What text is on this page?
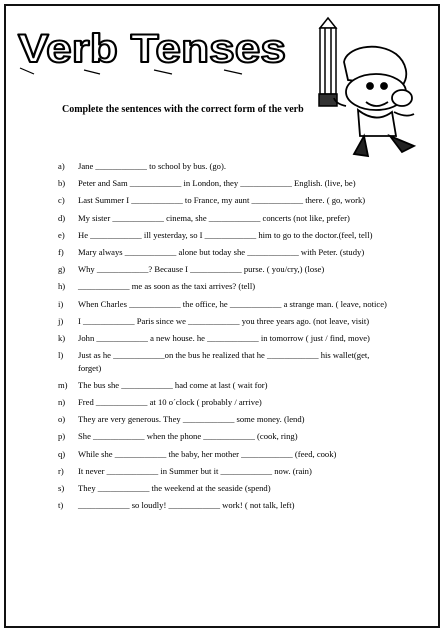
Verb Tenses
Complete the sentences with the correct form of the verb
a)	Jane ____________ to school by bus. (go).
b)	Peter and Sam ____________ in London, they ____________ English. (live, be)
c)	Last Summer I ____________ to France, my aunt ____________ there. ( go, work)
d)	My sister ____________ cinema, she ____________ concerts (not like, prefer)
e)	He ____________ ill yesterday, so I ____________ him to go to the doctor.(feel, tell)
f)	Mary always ____________ alone but today she ____________ with Peter. (study)
g)	Why ____________? Because I ____________ purse. ( you/cry,) (lose)
h)	____________ me as soon as the taxi arrives? (tell)
i)	When Charles ____________ the office, he ____________ a strange man. ( leave, notice)
j)	I ____________ Paris since we ____________ you three years ago. (not leave, visit)
k)	John ____________ a new house. he ____________ in tomorrow ( just / find, move)
l)	Just as he ____________on the bus he realized that he ____________ his wallet(get, forget)
m)	The bus she ____________ had come at last ( wait for)
n)	Fred ____________ at 10 o´clock ( probably / arrive)
o)	They are very generous. They ____________ some money. (lend)
p)	She ____________ when the phone ____________ (cook, ring)
q)	While she ____________ the baby, her mother ____________ (feed, cook)
r)	It never ____________ in Summer but it ____________ now. (rain)
s)	They ____________ the weekend at the seaside (spend)
t)	____________ so loudly! ____________ work! ( not talk, left)
